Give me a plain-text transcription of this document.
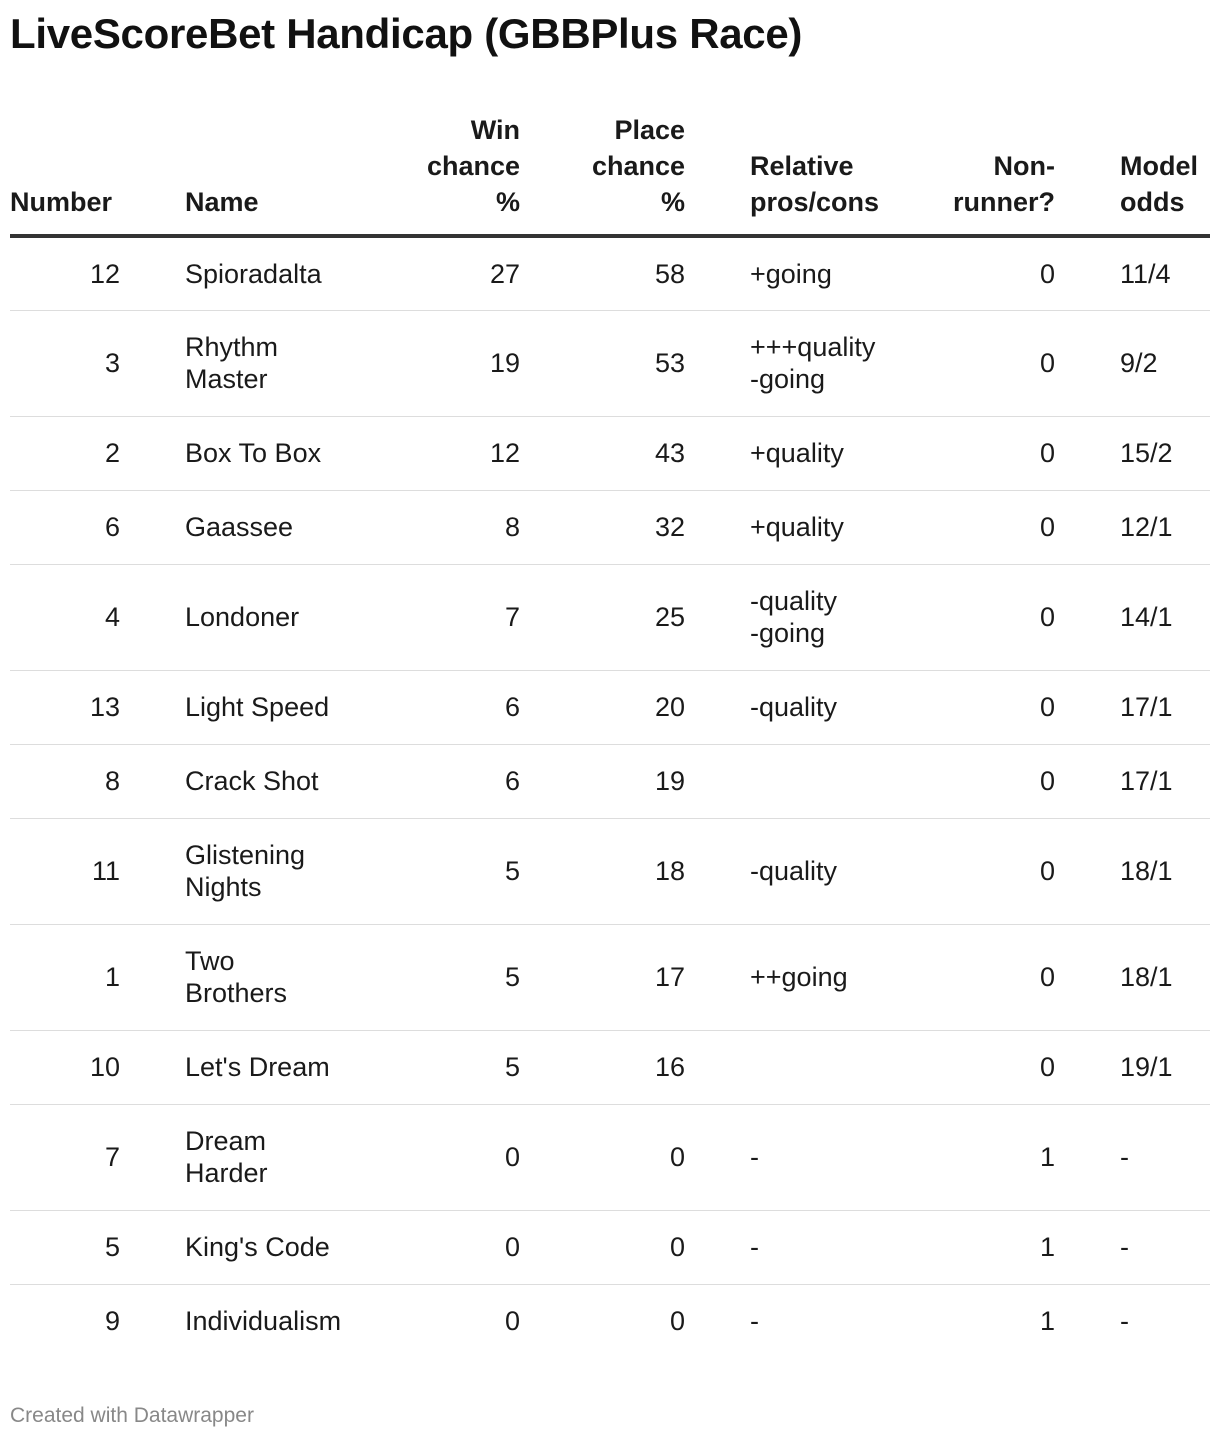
LiveScoreBet Handicap (GBBPlus Race)
Number		Name	Win
chance
%	Place
chance
%		Relative
pros/cons	Non-
runner?		Model
odds
12		Spioradalta	27	58		+going	0		11/4
3		Rhythm
Master	19	53		+++quality
-going	0		9/2
2		Box To Box	12	43		+quality	0		15/2
6		Gaassee	8	32		+quality	0		12/1
4		Londoner	7	25		-quality
-going	0		14/1
13		Light Speed	6	20		-quality	0		17/1
8		Crack Shot	6	19			0		17/1
11		Glistening
Nights	5	18		-quality	0		18/1
1		Two
Brothers	5	17		++going	0		18/1
10		Let's Dream	5	16			0		19/1
7		Dream
Harder	0	0		-	1		-
5		King's Code	0	0		-	1		-
9		Individualism	0	0		-	1		-
Created with Datawrapper
